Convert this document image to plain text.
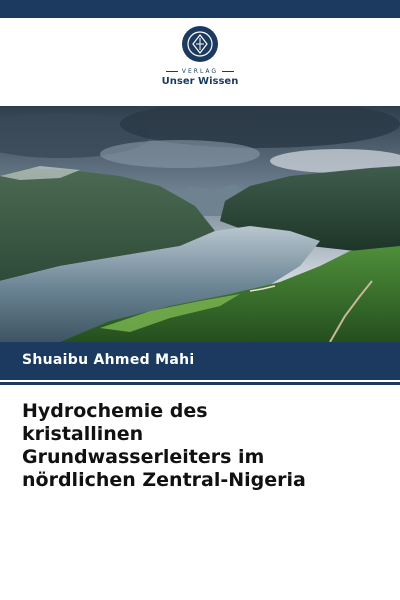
VERLAG
Unser Wissen
Shuaibu Ahmed Mahi
Hydrochemie des
kristallinen
Grundwasserleiters im
nördlichen Zentral-Nigeria
